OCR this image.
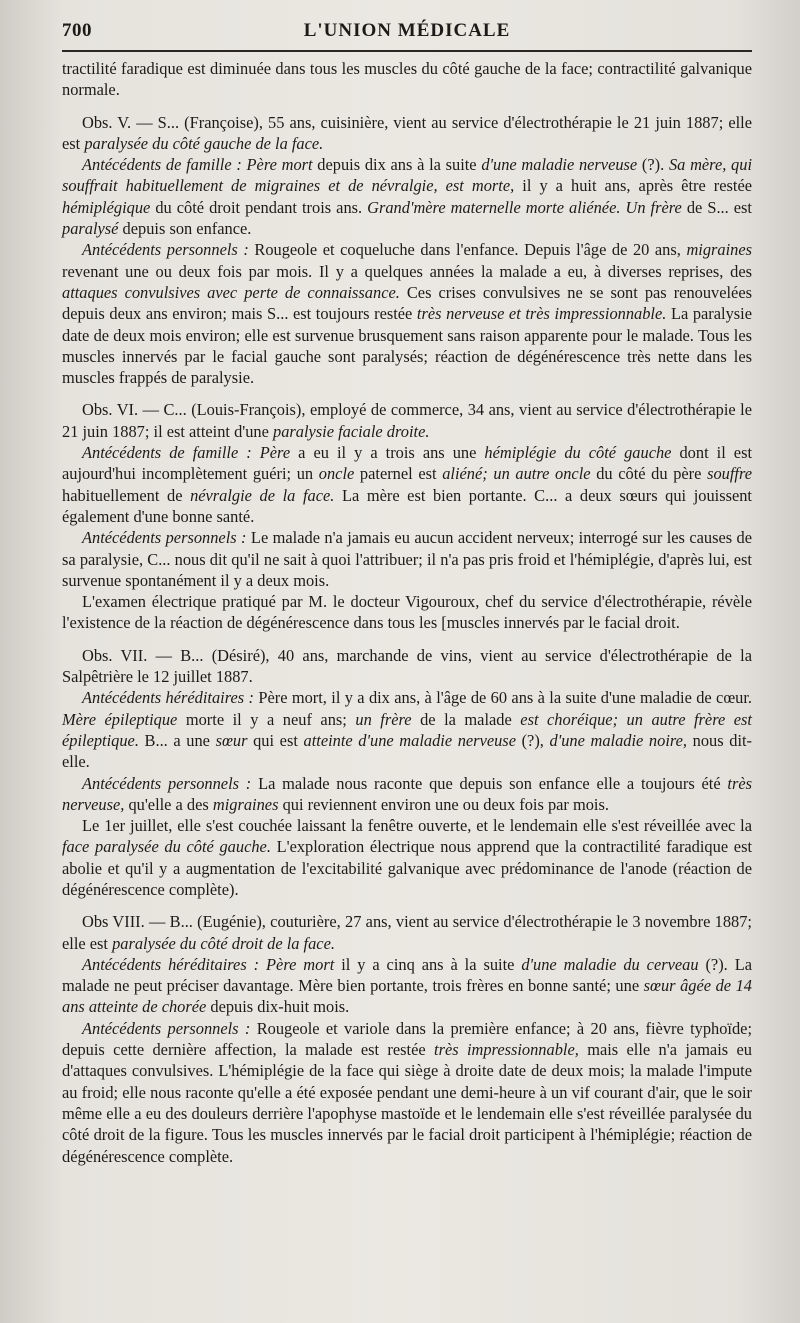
700	L'UNION MÉDICALE

tractilité faradique est diminuée dans tous les muscles du côté gauche de la face; contractilité galvanique normale.

Obs. V. — S... (Françoise), 55 ans, cuisinière, vient au service d'électrothérapie le 21 juin 1887; elle est paralysée du côté gauche de la face.

Antécédents de famille : Père mort depuis dix ans à la suite d'une maladie nerveuse (?). Sa mère, qui souffrait habituellement de migraines et de névralgie, est morte, il y a huit ans, après être restée hémiplégique du côté droit pendant trois ans. Grand'mère maternelle morte aliénée. Un frère de S... est paralysé depuis son enfance.

Antécédents personnels : Rougeole et coqueluche dans l'enfance. Depuis l'âge de 20 ans, migraines revenant une ou deux fois par mois. Il y a quelques années la malade a eu, à diverses reprises, des attaques convulsives avec perte de connaissance. Ces crises convulsives ne se sont pas renouvelées depuis deux ans environ; mais S... est toujours restée très nerveuse et très impressionnable. La paralysie date de deux mois environ; elle est survenue brusquement sans raison apparente pour le malade. Tous les muscles innervés par le facial gauche sont paralysés; réaction de dégénérescence très nette dans les muscles frappés de paralysie.

Obs. VI. — C... (Louis-François), employé de commerce, 34 ans, vient au service d'électrothérapie le 21 juin 1887; il est atteint d'une paralysie faciale droite.

Antécédents de famille : Père a eu il y a trois ans une hémiplégie du côté gauche dont il est aujourd'hui incomplètement guéri; un oncle paternel est aliéné; un autre oncle du côté du père souffre habituellement de névralgie de la face. La mère est bien portante. C... a deux sœurs qui jouissent également d'une bonne santé.

Antécédents personnels : Le malade n'a jamais eu aucun accident nerveux; interrogé sur les causes de sa paralysie, C... nous dit qu'il ne sait à quoi l'attribuer; il n'a pas pris froid et l'hémiplégie, d'après lui, est survenue spontanément il y a deux mois.

L'examen électrique pratiqué par M. le docteur Vigouroux, chef du service d'électrothérapie, révèle l'existence de la réaction de dégénérescence dans tous les [muscles innervés par le facial droit.

Obs. VII. — B... (Désiré), 40 ans, marchande de vins, vient au service d'électrothérapie de la Salpêtrière le 12 juillet 1887.

Antécédents héréditaires : Père mort, il y a dix ans, à l'âge de 60 ans à la suite d'une maladie de cœur. Mère épileptique morte il y a neuf ans; un frère de la malade est choréique; un autre frère est épileptique. B... a une sœur qui est atteinte d'une maladie nerveuse (?), d'une maladie noire, nous dit-elle.

Antécédents personnels : La malade nous raconte que depuis son enfance elle a toujours été très nerveuse, qu'elle a des migraines qui reviennent environ une ou deux fois par mois.

Le 1er juillet, elle s'est couchée laissant la fenêtre ouverte, et le lendemain elle s'est réveillée avec la face paralysée du côté gauche. L'exploration électrique nous apprend que la contractilité faradique est abolie et qu'il y a augmentation de l'excitabilité galvanique avec prédominance de l'anode (réaction de dégénérescence complète).

Obs VIII. — B... (Eugénie), couturière, 27 ans, vient au service d'électrothérapie le 3 novembre 1887; elle est paralysée du côté droit de la face.

Antécédents héréditaires : Père mort il y a cinq ans à la suite d'une maladie du cerveau (?). La malade ne peut préciser davantage. Mère bien portante, trois frères en bonne santé; une sœur âgée de 14 ans atteinte de chorée depuis dix-huit mois.

Antécédents personnels : Rougeole et variole dans la première enfance; à 20 ans, fièvre typhoïde; depuis cette dernière affection, la malade est restée très impressionnable, mais elle n'a jamais eu d'attaques convulsives. L'hémiplégie de la face qui siège à droite date de deux mois; la malade l'impute au froid; elle nous raconte qu'elle a été exposée pendant une demi-heure à un vif courant d'air, que le soir même elle a eu des douleurs derrière l'apophyse mastoïde et le lendemain elle s'est réveillée paralysée du côté droit de la figure. Tous les muscles innervés par le facial droit participent à l'hémiplégie; réaction de dégénérescence complète.
